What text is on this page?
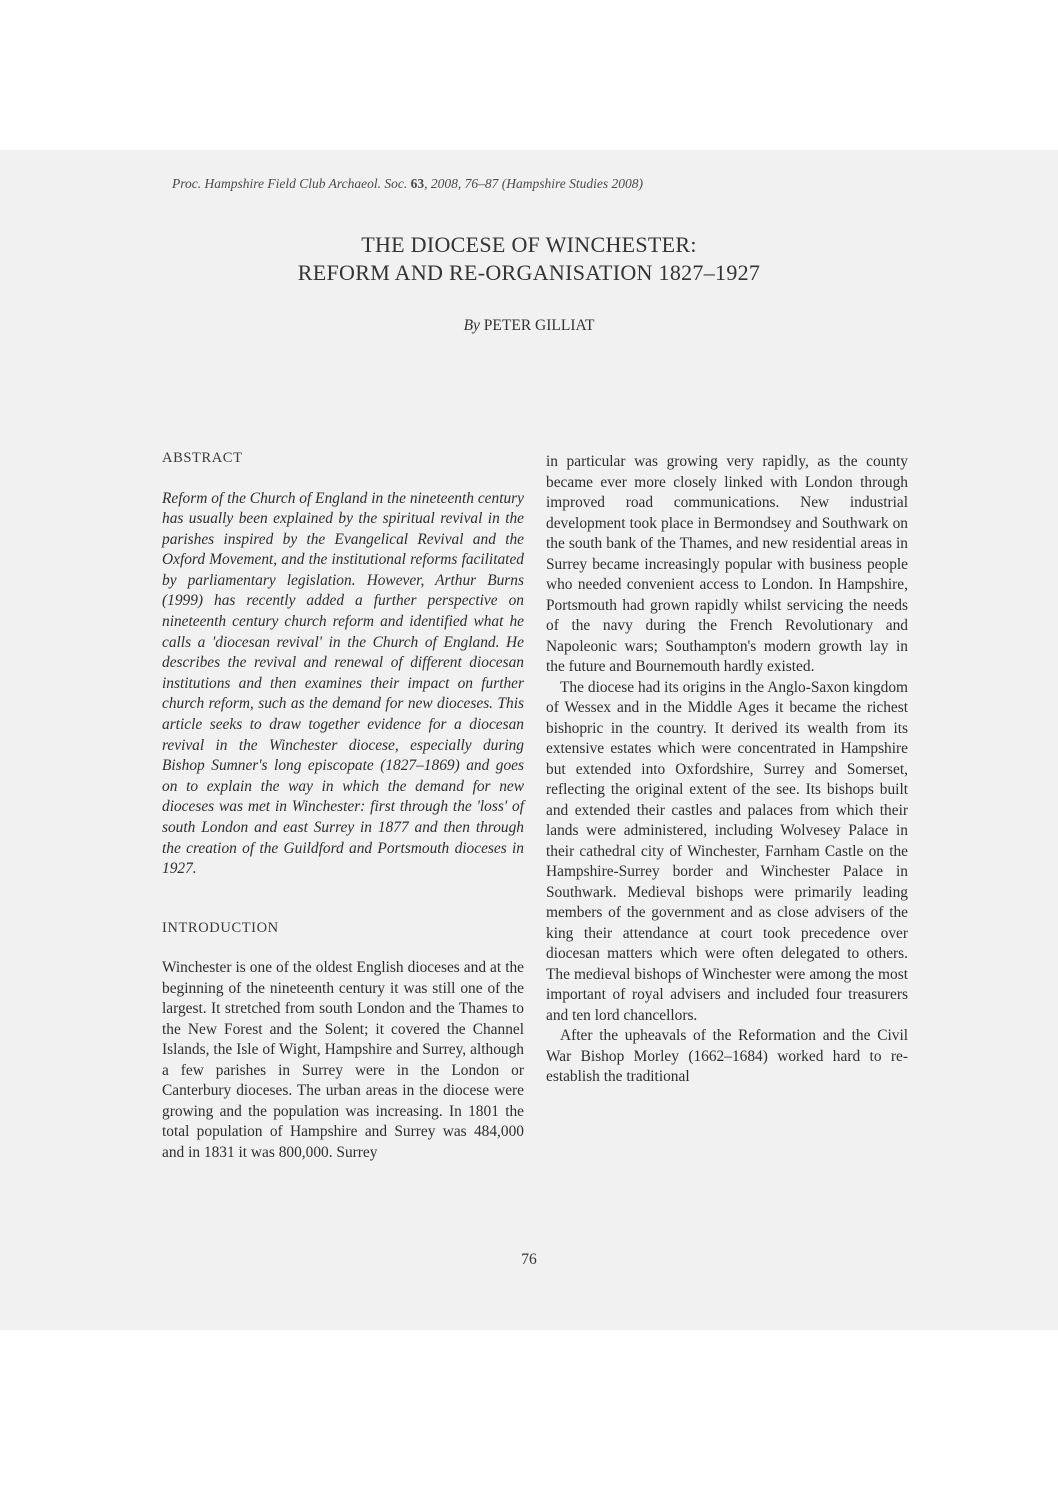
Proc. Hampshire Field Club Archaeol. Soc. 63, 2008, 76–87 (Hampshire Studies 2008)
THE DIOCESE OF WINCHESTER:
REFORM AND RE-ORGANISATION 1827–1927
By PETER GILLIAT
ABSTRACT

Reform of the Church of England in the nineteenth century has usually been explained by the spiritual revival in the parishes inspired by the Evangelical Revival and the Oxford Movement, and the institutional reforms facilitated by parliamentary legislation. However, Arthur Burns (1999) has recently added a further perspective on nineteenth century church reform and identified what he calls a 'diocesan revival' in the Church of England. He describes the revival and renewal of different diocesan institutions and then examines their impact on further church reform, such as the demand for new dioceses. This article seeks to draw together evidence for a diocesan revival in the Winchester diocese, especially during Bishop Sumner's long episcopate (1827–1869) and goes on to explain the way in which the demand for new dioceses was met in Winchester: first through the 'loss' of south London and east Surrey in 1877 and then through the creation of the Guildford and Portsmouth dioceses in 1927.

INTRODUCTION

Winchester is one of the oldest English dioceses and at the beginning of the nineteenth century it was still one of the largest. It stretched from south London and the Thames to the New Forest and the Solent; it covered the Channel Islands, the Isle of Wight, Hampshire and Surrey, although a few parishes in Surrey were in the London or Canterbury dioceses. The urban areas in the diocese were growing and the population was increasing. In 1801 the total population of Hampshire and Surrey was 484,000 and in 1831 it was 800,000. Surrey

in particular was growing very rapidly, as the county became ever more closely linked with London through improved road communications. New industrial development took place in Bermondsey and Southwark on the south bank of the Thames, and new residential areas in Surrey became increasingly popular with business people who needed convenient access to London. In Hampshire, Portsmouth had grown rapidly whilst servicing the needs of the navy during the French Revolutionary and Napoleonic wars; Southampton's modern growth lay in the future and Bournemouth hardly existed.

The diocese had its origins in the Anglo-Saxon kingdom of Wessex and in the Middle Ages it became the richest bishopric in the country. It derived its wealth from its extensive estates which were concentrated in Hampshire but extended into Oxfordshire, Surrey and Somerset, reflecting the original extent of the see. Its bishops built and extended their castles and palaces from which their lands were administered, including Wolvesey Palace in their cathedral city of Winchester, Farnham Castle on the Hampshire-Surrey border and Winchester Palace in Southwark. Medieval bishops were primarily leading members of the government and as close advisers of the king their attendance at court took precedence over diocesan matters which were often delegated to others. The medieval bishops of Winchester were among the most important of royal advisers and included four treasurers and ten lord chancellors.

After the upheavals of the Reformation and the Civil War Bishop Morley (1662–1684) worked hard to re-establish the traditional

76
